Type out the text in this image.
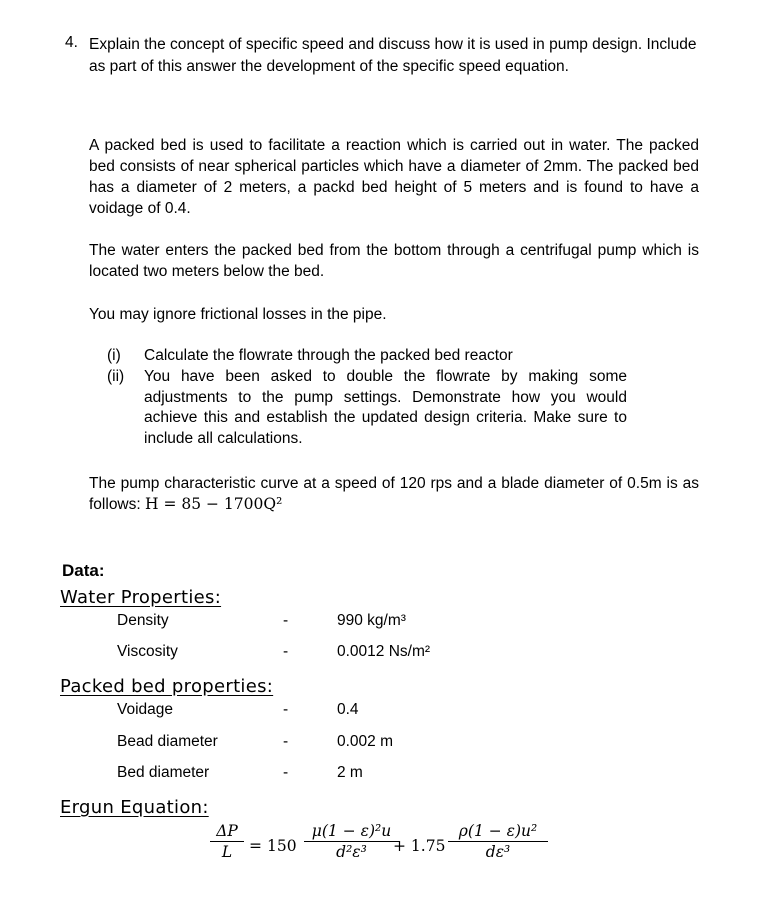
4. Explain the concept of specific speed and discuss how it is used in pump design. Include as part of this answer the development of the specific speed equation.
A packed bed is used to facilitate a reaction which is carried out in water. The packed bed consists of near spherical particles which have a diameter of 2mm. The packed bed has a diameter of 2 meters, a packd bed height of 5 meters and is found to have a voidage of 0.4.
The water enters the packed bed from the bottom through a centrifugal pump which is located two meters below the bed.
You may ignore frictional losses in the pipe.
(i) Calculate the flowrate through the packed bed reactor
(ii) You have been asked to double the flowrate by making some adjustments to the pump settings. Demonstrate how you would achieve this and establish the updated design criteria. Make sure to include all calculations.
The pump characteristic curve at a speed of 120 rps and a blade diameter of 0.5m is as follows: H = 85 − 1700Q²
Data:
Water Properties:
Density	-	990 kg/m³
Viscosity	-	0.0012 Ns/m²
Packed bed properties:
Voidage	-	0.4
Bead diameter	-	0.002 m
Bed diameter	-	2 m
Ergun Equation:
$\frac{\Delta P}{L} = 150 \frac{\text{μ(1 − ε)²u}}{\text{d²ε³}}$
+ $1.75 \frac{\text{ρ(1 − ε)u²}}{\text{dε³}}$
